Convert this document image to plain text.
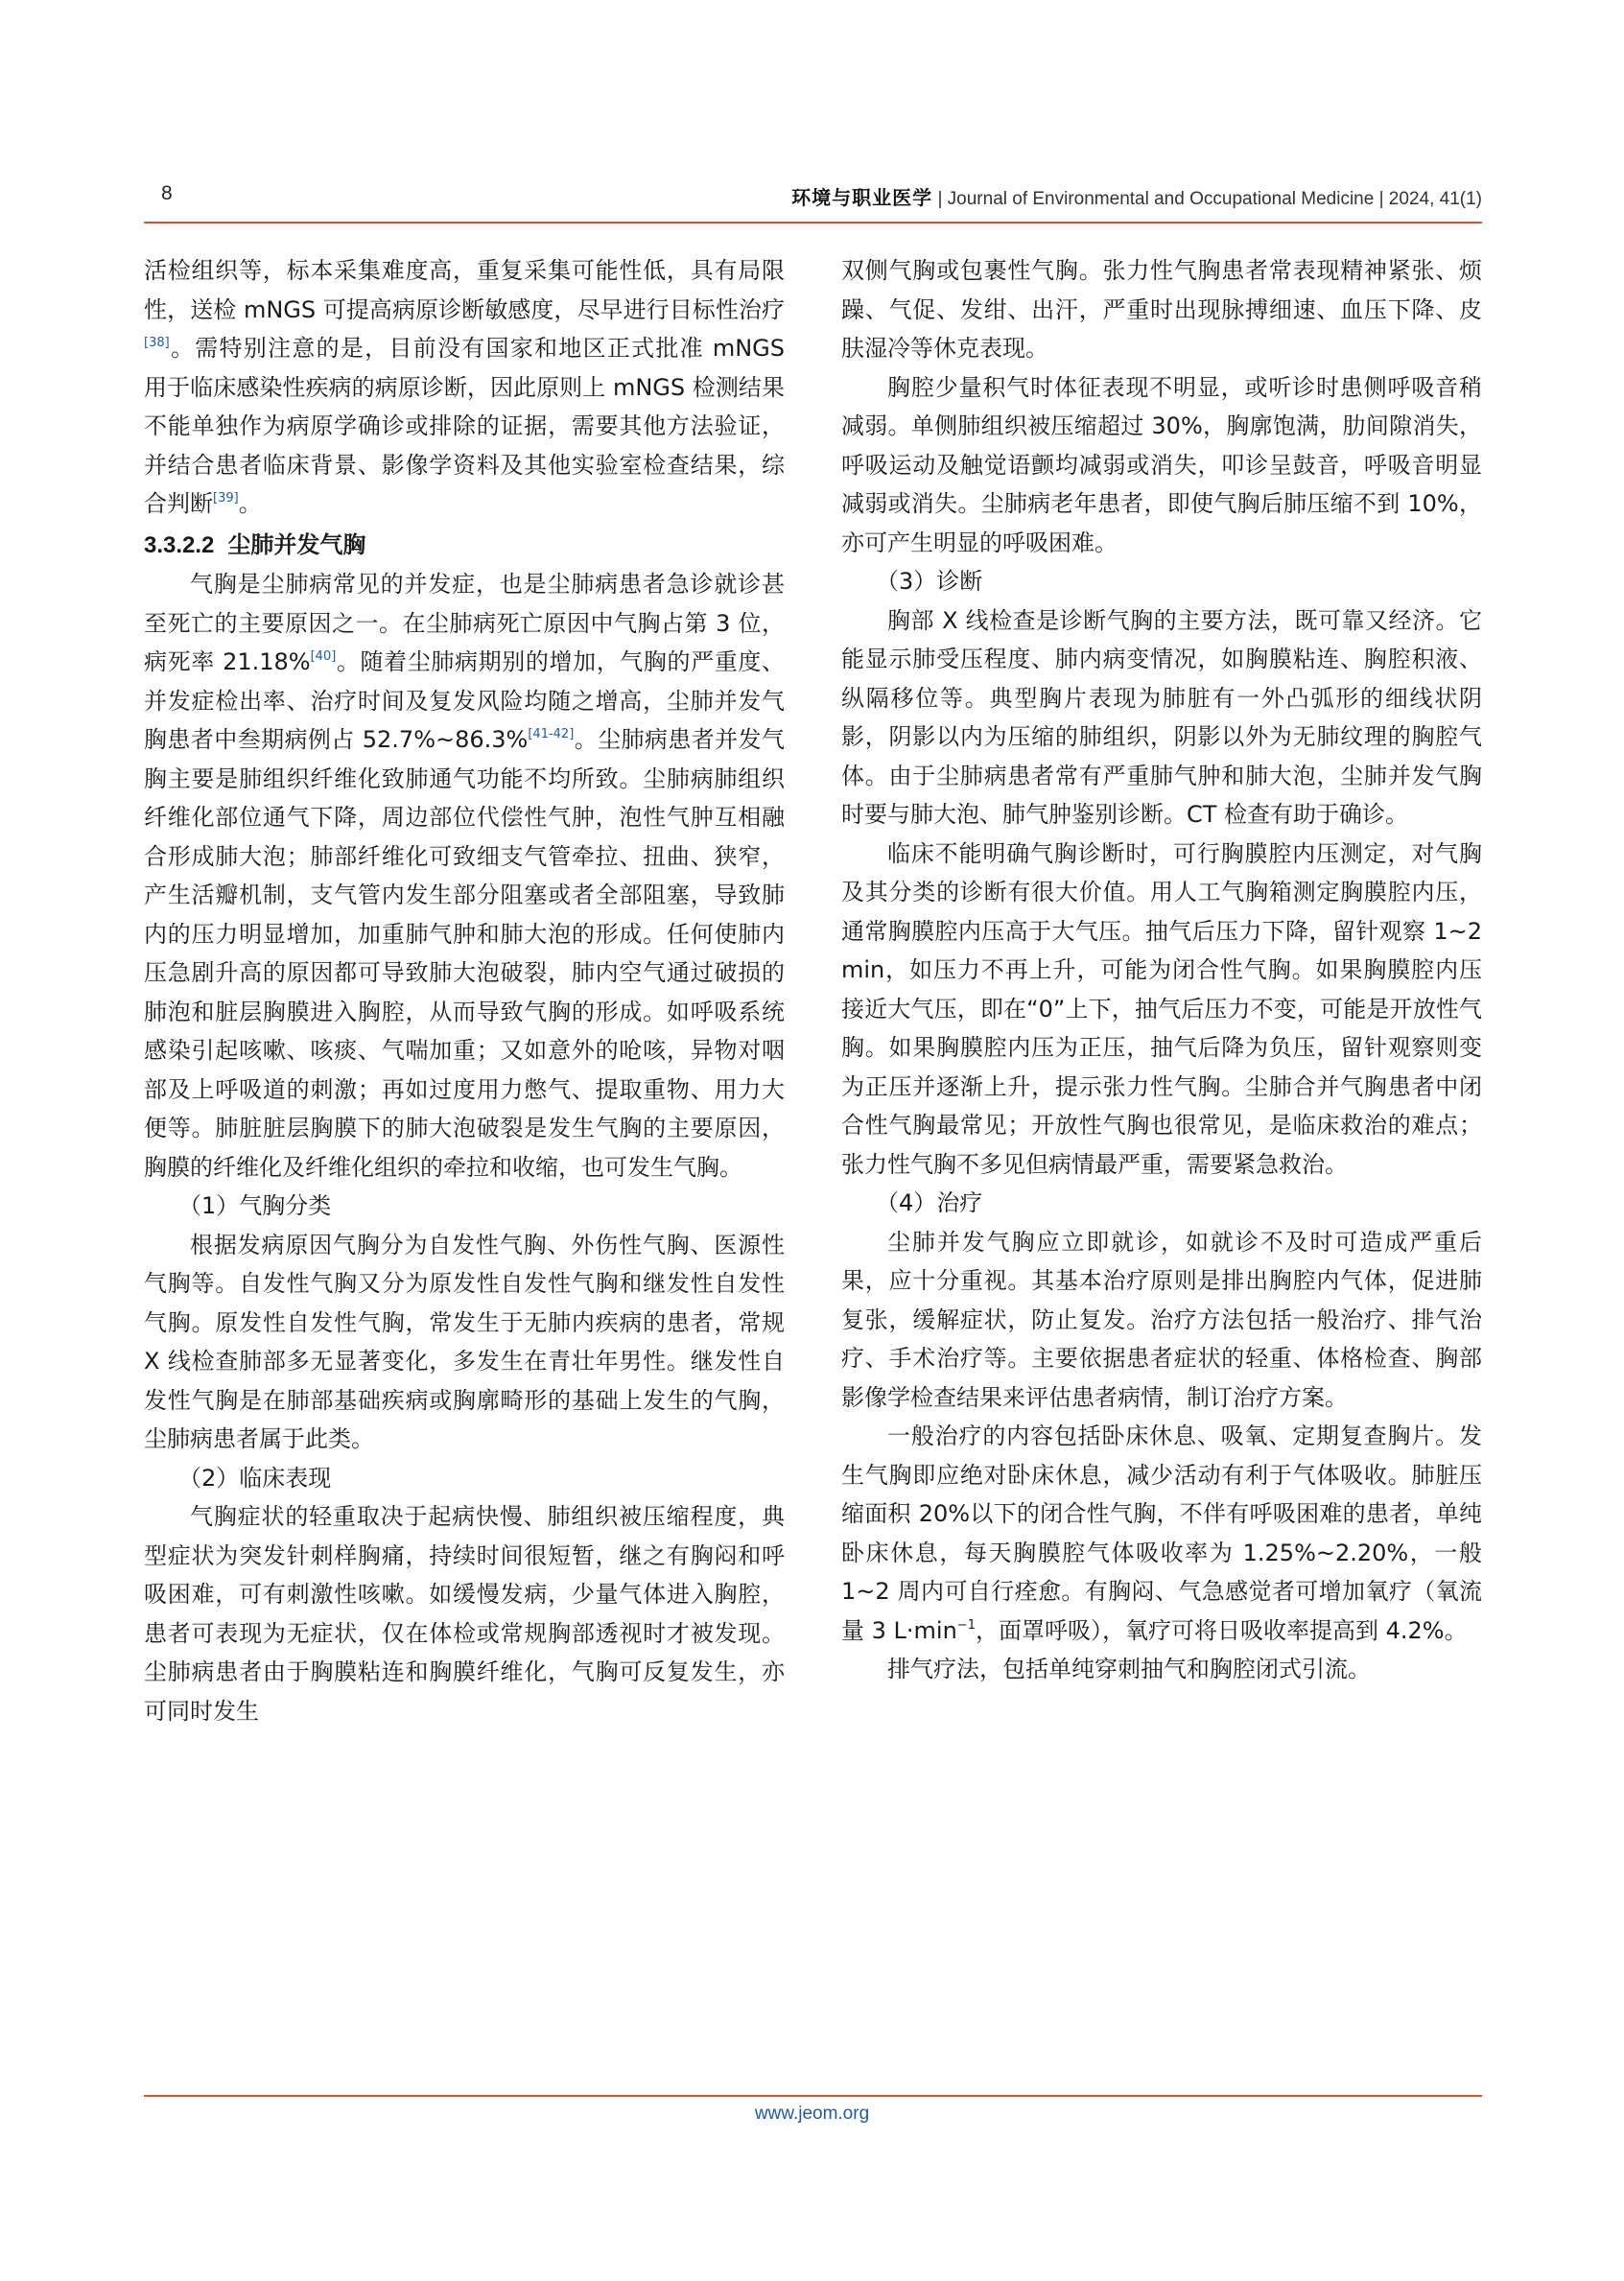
8	环境与职业医学 | Journal of Environmental and Occupational Medicine | 2024, 41(1)

活检组织等，标本采集难度高，重复采集可能性低，具有局限性，送检 mNGS 可提高病原诊断敏感度，尽早进行目标性治疗[38]。需特别注意的是，目前没有国家和地区正式批准 mNGS 用于临床感染性疾病的病原诊断，因此原则上 mNGS 检测结果不能单独作为病原学确诊或排除的证据，需要其他方法验证，并结合患者临床背景、影像学资料及其他实验室检查结果，综合判断[39]。

3.3.2.2 尘肺并发气胸

气胸是尘肺病常见的并发症，也是尘肺病患者急诊就诊甚至死亡的主要原因之一。在尘肺病死亡原因中气胸占第 3 位，病死率 21.18%[40]。随着尘肺病期别的增加，气胸的严重度、并发症检出率、治疗时间及复发风险均随之增高，尘肺并发气胸患者中叁期病例占 52.7%~86.3%[41-42]。尘肺病患者并发气胸主要是肺组织纤维化致肺通气功能不均所致。尘肺病肺组织纤维化部位通气下降，周边部位代偿性气肿，泡性气肿互相融合形成肺大泡；肺部纤维化可致细支气管牵拉、扭曲、狭窄，产生活瓣机制，支气管内发生部分阻塞或者全部阻塞，导致肺内的压力明显增加，加重肺气肿和肺大泡的形成。任何使肺内压急剧升高的原因都可导致肺大泡破裂，肺内空气通过破损的肺泡和脏层胸膜进入胸腔，从而导致气胸的形成。如呼吸系统感染引起咳嗽、咳痰、气喘加重；又如意外的呛咳，异物对咽部及上呼吸道的刺激；再如过度用力憋气、提取重物、用力大便等。肺脏脏层胸膜下的肺大泡破裂是发生气胸的主要原因，胸膜的纤维化及纤维化组织的牵拉和收缩，也可发生气胸。

（1）气胸分类

根据发病原因气胸分为自发性气胸、外伤性气胸、医源性气胸等。自发性气胸又分为原发性自发性气胸和继发性自发性气胸。原发性自发性气胸，常发生于无肺内疾病的患者，常规 X 线检查肺部多无显著变化，多发生在青壮年男性。继发性自发性气胸是在肺部基础疾病或胸廓畸形的基础上发生的气胸，尘肺病患者属于此类。

（2）临床表现

气胸症状的轻重取决于起病快慢、肺组织被压缩程度，典型症状为突发针刺样胸痛，持续时间很短暂，继之有胸闷和呼吸困难，可有刺激性咳嗽。如缓慢发病，少量气体进入胸腔，患者可表现为无症状，仅在体检或常规胸部透视时才被发现。尘肺病患者由于胸膜粘连和胸膜纤维化，气胸可反复发生，亦可同时发生

双侧气胸或包裹性气胸。张力性气胸患者常表现精神紧张、烦躁、气促、发绀、出汗，严重时出现脉搏细速、血压下降、皮肤湿冷等休克表现。

胸腔少量积气时体征表现不明显，或听诊时患侧呼吸音稍减弱。单侧肺组织被压缩超过 30%，胸廓饱满，肋间隙消失，呼吸运动及触觉语颤均减弱或消失，叩诊呈鼓音，呼吸音明显减弱或消失。尘肺病老年患者，即使气胸后肺压缩不到 10%，亦可产生明显的呼吸困难。

（3）诊断

胸部 X 线检查是诊断气胸的主要方法，既可靠又经济。它能显示肺受压程度、肺内病变情况，如胸膜粘连、胸腔积液、纵隔移位等。典型胸片表现为肺脏有一外凸弧形的细线状阴影，阴影以内为压缩的肺组织，阴影以外为无肺纹理的胸腔气体。由于尘肺病患者常有严重肺气肿和肺大泡，尘肺并发气胸时要与肺大泡、肺气肿鉴别诊断。CT 检查有助于确诊。

临床不能明确气胸诊断时，可行胸膜腔内压测定，对气胸及其分类的诊断有很大价值。用人工气胸箱测定胸膜腔内压，通常胸膜腔内压高于大气压。抽气后压力下降，留针观察 1~2 min，如压力不再上升，可能为闭合性气胸。如果胸膜腔内压接近大气压，即在“0”上下，抽气后压力不变，可能是开放性气胸。如果胸膜腔内压为正压，抽气后降为负压，留针观察则变为正压并逐渐上升，提示张力性气胸。尘肺合并气胸患者中闭合性气胸最常见；开放性气胸也很常见，是临床救治的难点；张力性气胸不多见但病情最严重，需要紧急救治。

（4）治疗

尘肺并发气胸应立即就诊，如就诊不及时可造成严重后果，应十分重视。其基本治疗原则是排出胸腔内气体，促进肺复张，缓解症状，防止复发。治疗方法包括一般治疗、排气治疗、手术治疗等。主要依据患者症状的轻重、体格检查、胸部影像学检查结果来评估患者病情，制订治疗方案。

一般治疗的内容包括卧床休息、吸氧、定期复查胸片。发生气胸即应绝对卧床休息，减少活动有利于气体吸收。肺脏压缩面积 20%以下的闭合性气胸，不伴有呼吸困难的患者，单纯卧床休息，每天胸膜腔气体吸收率为 1.25%~2.20%，一般 1~2 周内可自行痊愈。有胸闷、气急感觉者可增加氧疗（氧流量 3 $L\cdot\min^{-1}$，面罩呼吸），氧疗可将日吸收率提高到 4.2%。

排气疗法，包括单纯穿刺抽气和胸腔闭式引流。

www.jeom.org
